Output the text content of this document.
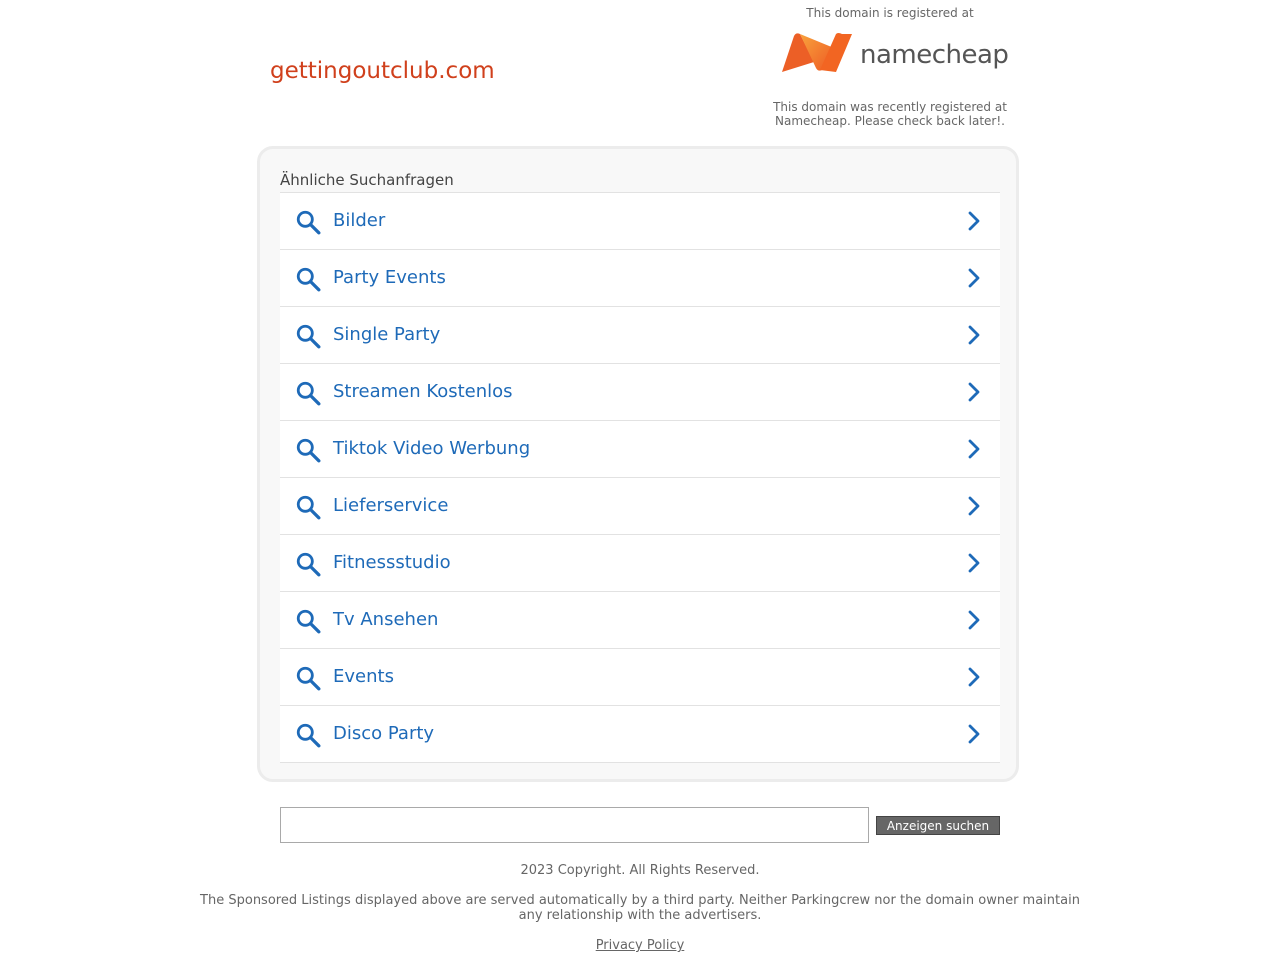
gettingoutclub.com
This domain is registered at
namecheap
This domain was recently registered at Namecheap. Please check back later!.
Ähnliche Suchanfragen
Bilder
Party Events
Single Party
Streamen Kostenlos
Tiktok Video Werbung
Lieferservice
Fitnessstudio
Tv Ansehen
Events
Disco Party
Anzeigen suchen
2023 Copyright. All Rights Reserved.
The Sponsored Listings displayed above are served automatically by a third party. Neither Parkingcrew nor the domain owner maintain any relationship with the advertisers.
Privacy Policy
